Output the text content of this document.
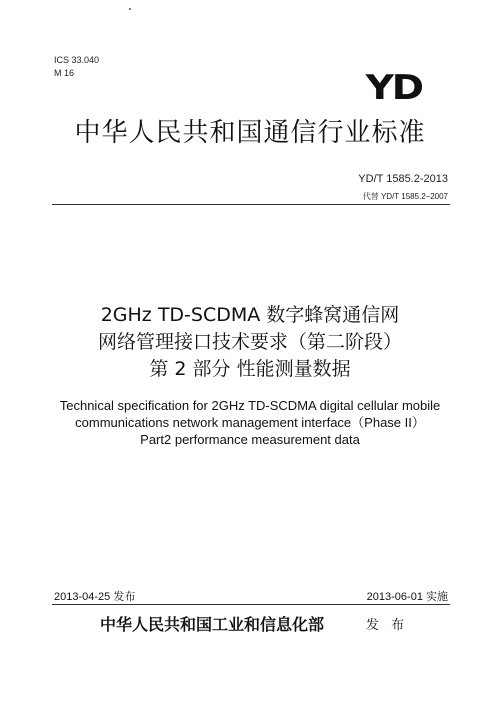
ICS 33.040
M 16	YD
中华人民共和国通信行业标准
YD/T 1585.2-2013
代替 YD/T 1585.2–2007
2GHz TD-SCDMA 数字蜂窝通信网
网络管理接口技术要求（第二阶段）
第 2 部分 性能测量数据
Technical specification for 2GHz TD-SCDMA digital cellular mobile
communications network management interface（Phase II）
Part2 performance measurement data
2013-04-25 发布	2013-06-01 实施
中华人民共和国工业和信息化部	发 布
